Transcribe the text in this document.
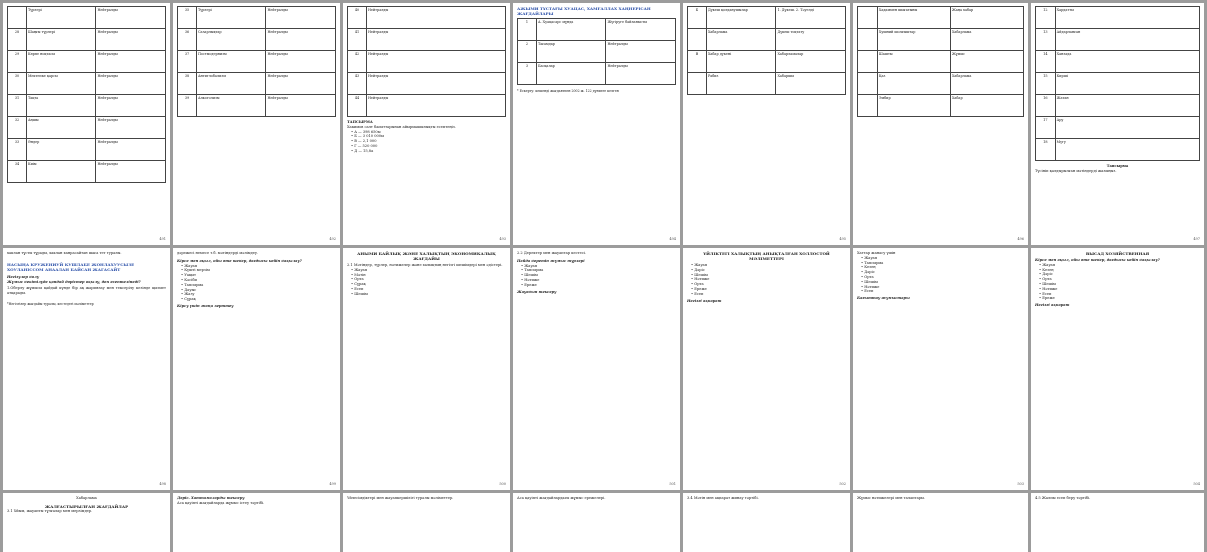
	Түрлері	Нейтралды
28	Шаңғы түрлері	Нейтралды
29	Көрпе ноқтасы	Нейтралды
30	Мектепке қарсы	Нейтралды
31	Тақта	Нейтралды
32	Аңшы	Нейтралды
33	Әндер	Нейтралды
34	Киім	Нейтралды
491
35	Түрлері	Нейтралды
36	Сазарлықтар	Нейтралды
37	Постмодернизм	Нейтралды
38	Антиглобализм	Нейтралды
39	Алкоголизм	Нейтралды
492
40	Нейтралды
41	Нейтралды
42	Нейтралды
43	Нейтралды
44	Нейтралды
ТАПСЫРМА

Хакимов салт бағыттарынан айырмашылықты есептеңіз.

• А — 398 650ы
• Б — 3 010 000ы
• В — 2,1 000
• Г — 520 000
• Д — 15,8а
493
АЖЫМИ ТҰСТАҒЫ ХУАЦАС, ХАМҒАЛЛАХ ХАҢНЕРІСАН ЖАҒДАЙЛАРЫ
1	А. Хуацасарс мұнда	Жүгіруге байланысты
2	Тағамдар	Нейтралды
3	Басқалар	Нейтралды
* Ескерту: кешенді жағдаятпен 2002 ж. 122 дүниеге келген
494
Б	Дүкеш қолданушылар	1. Дүкеш. 2. Тәуелді
	Хабарлама	Дүкеш тоқтату
В	Хабар дүкені	Хабарламалар
	Рабиз	Хабаршы
495
	Хадаммен шығатыны	Жаңа хабар
	Хушний шолғыштар	Хабарлама
	Шашты	Жұмыс
	Қаз	Хабарлама
	Эмбир	Хабар
496
12	Хардатты
13	Айдарланған
14	Ханзада
15	Кирші
16	Жатан
17	Ару
18	Мүгу
Тапсырма

Түсініп қалдырылған мәтіндерді жазыңыз.

497

хаклан тұсты тұрады, хаклан ханрасайтан шаға тет туралы.

НАСЫҢА КРУЖЕНИУЙ КУШЛАБЕ ЖОНЛАХУУСЫЗЕ ХОУЛАНІССОМ АНААЛАН БАЙСАН ЖАГАСАЙТ
Негізулер болу
Жұмыс бекітілуде қандай дәрістер оқылу, деп есептелінеді?

1.Оберлу жұмысы қайдай күнде бір ақ жариялау мен тексерілу кезінде қызмет атқарады.

*Негізгілер жағдайы туралы, кестедегі мәліметтер
498

дәрежесі немесе т.б. мәтіндерді мәлімдеу.

Кірсе мен ақыл, ойы өте шебер, дағдысы кейін бақылау?
• Жауап
• Күшті мерзім
• Уақыт
• Кәсіби
• Тапсырма
• Дауыс
• Жазу
• Сұрақ
Кірсу үшін жаңа зерттеу
499
АНЫМИ БАЙЛЫҚ ЖӘНЕ ХАЛЫҚТЫҢ ЭКОНОМИКАЛЫҚ ЖАҒДАЙЫ

2.1 Мәтіндер, түрлер, нәтижелер және халықтың негізгі шешімдері мен әдістері.

• Жауап
• Мәтін
• Орта
• Сұрақ
• Есеп
• Шешім
500

2.2 Деректер мен жауаптар кестесі.

Пайда беретін жұмыс түрлері
• Жауап
• Тапсырма
• Шешім
• Нәтиже
• Ереже
Жауабын тексеру
501
ҮЙЛІКТЕГІ ХАЛЫҚТЫҢ АНЫҚТАЛҒАН ХОЛЛОСТОЙ МӘЛІМЕТТЕРІ
• Жауап
• Дәріс
• Шешім
• Нәтиже
• Орта
• Ереже
• Есеп
Негізгі ақпарат
502

Хаттар жанасу үшін

• Жауап
• Тапсырма
• Кезең
• Дәріс
• Орта
• Шешім
• Нәтиже
• Есеп
Бағыттау жұмыстары
503
ВЫСАД ХОЗЯЙСТВЕННАЯ
Кірсе мен ақыл, ойы өте шебер, дағдысы кейін бақылау?
• Жауап
• Кезең
• Дәріс
• Орта
• Шешім
• Нәтиже
• Есеп
• Ереже
Негізгі ақпарат
504
Хабарлама
ЖАЛҒАСТЫРЫЛҒАН ЖАҒДАЙЛАР

3.1 Ұйым, жауапты тұлғалар мен мерзімдер.

Дәріс. Хаттамаларды тексеру

Аса қауіпті жағдайларда жұмыс істеу тәртібі.

Үйлесімдіктері мен жауапкершілігі туралы мәліметтер.	Аса қауіпті жағдайлардағы жұмыс ережелері.	3.4 Мәтін мен ақпарат жинау тәртібі.	Жұмыс нәтижелері мен талаптары.	4.5 Жалпы есеп беру тәртібі.
